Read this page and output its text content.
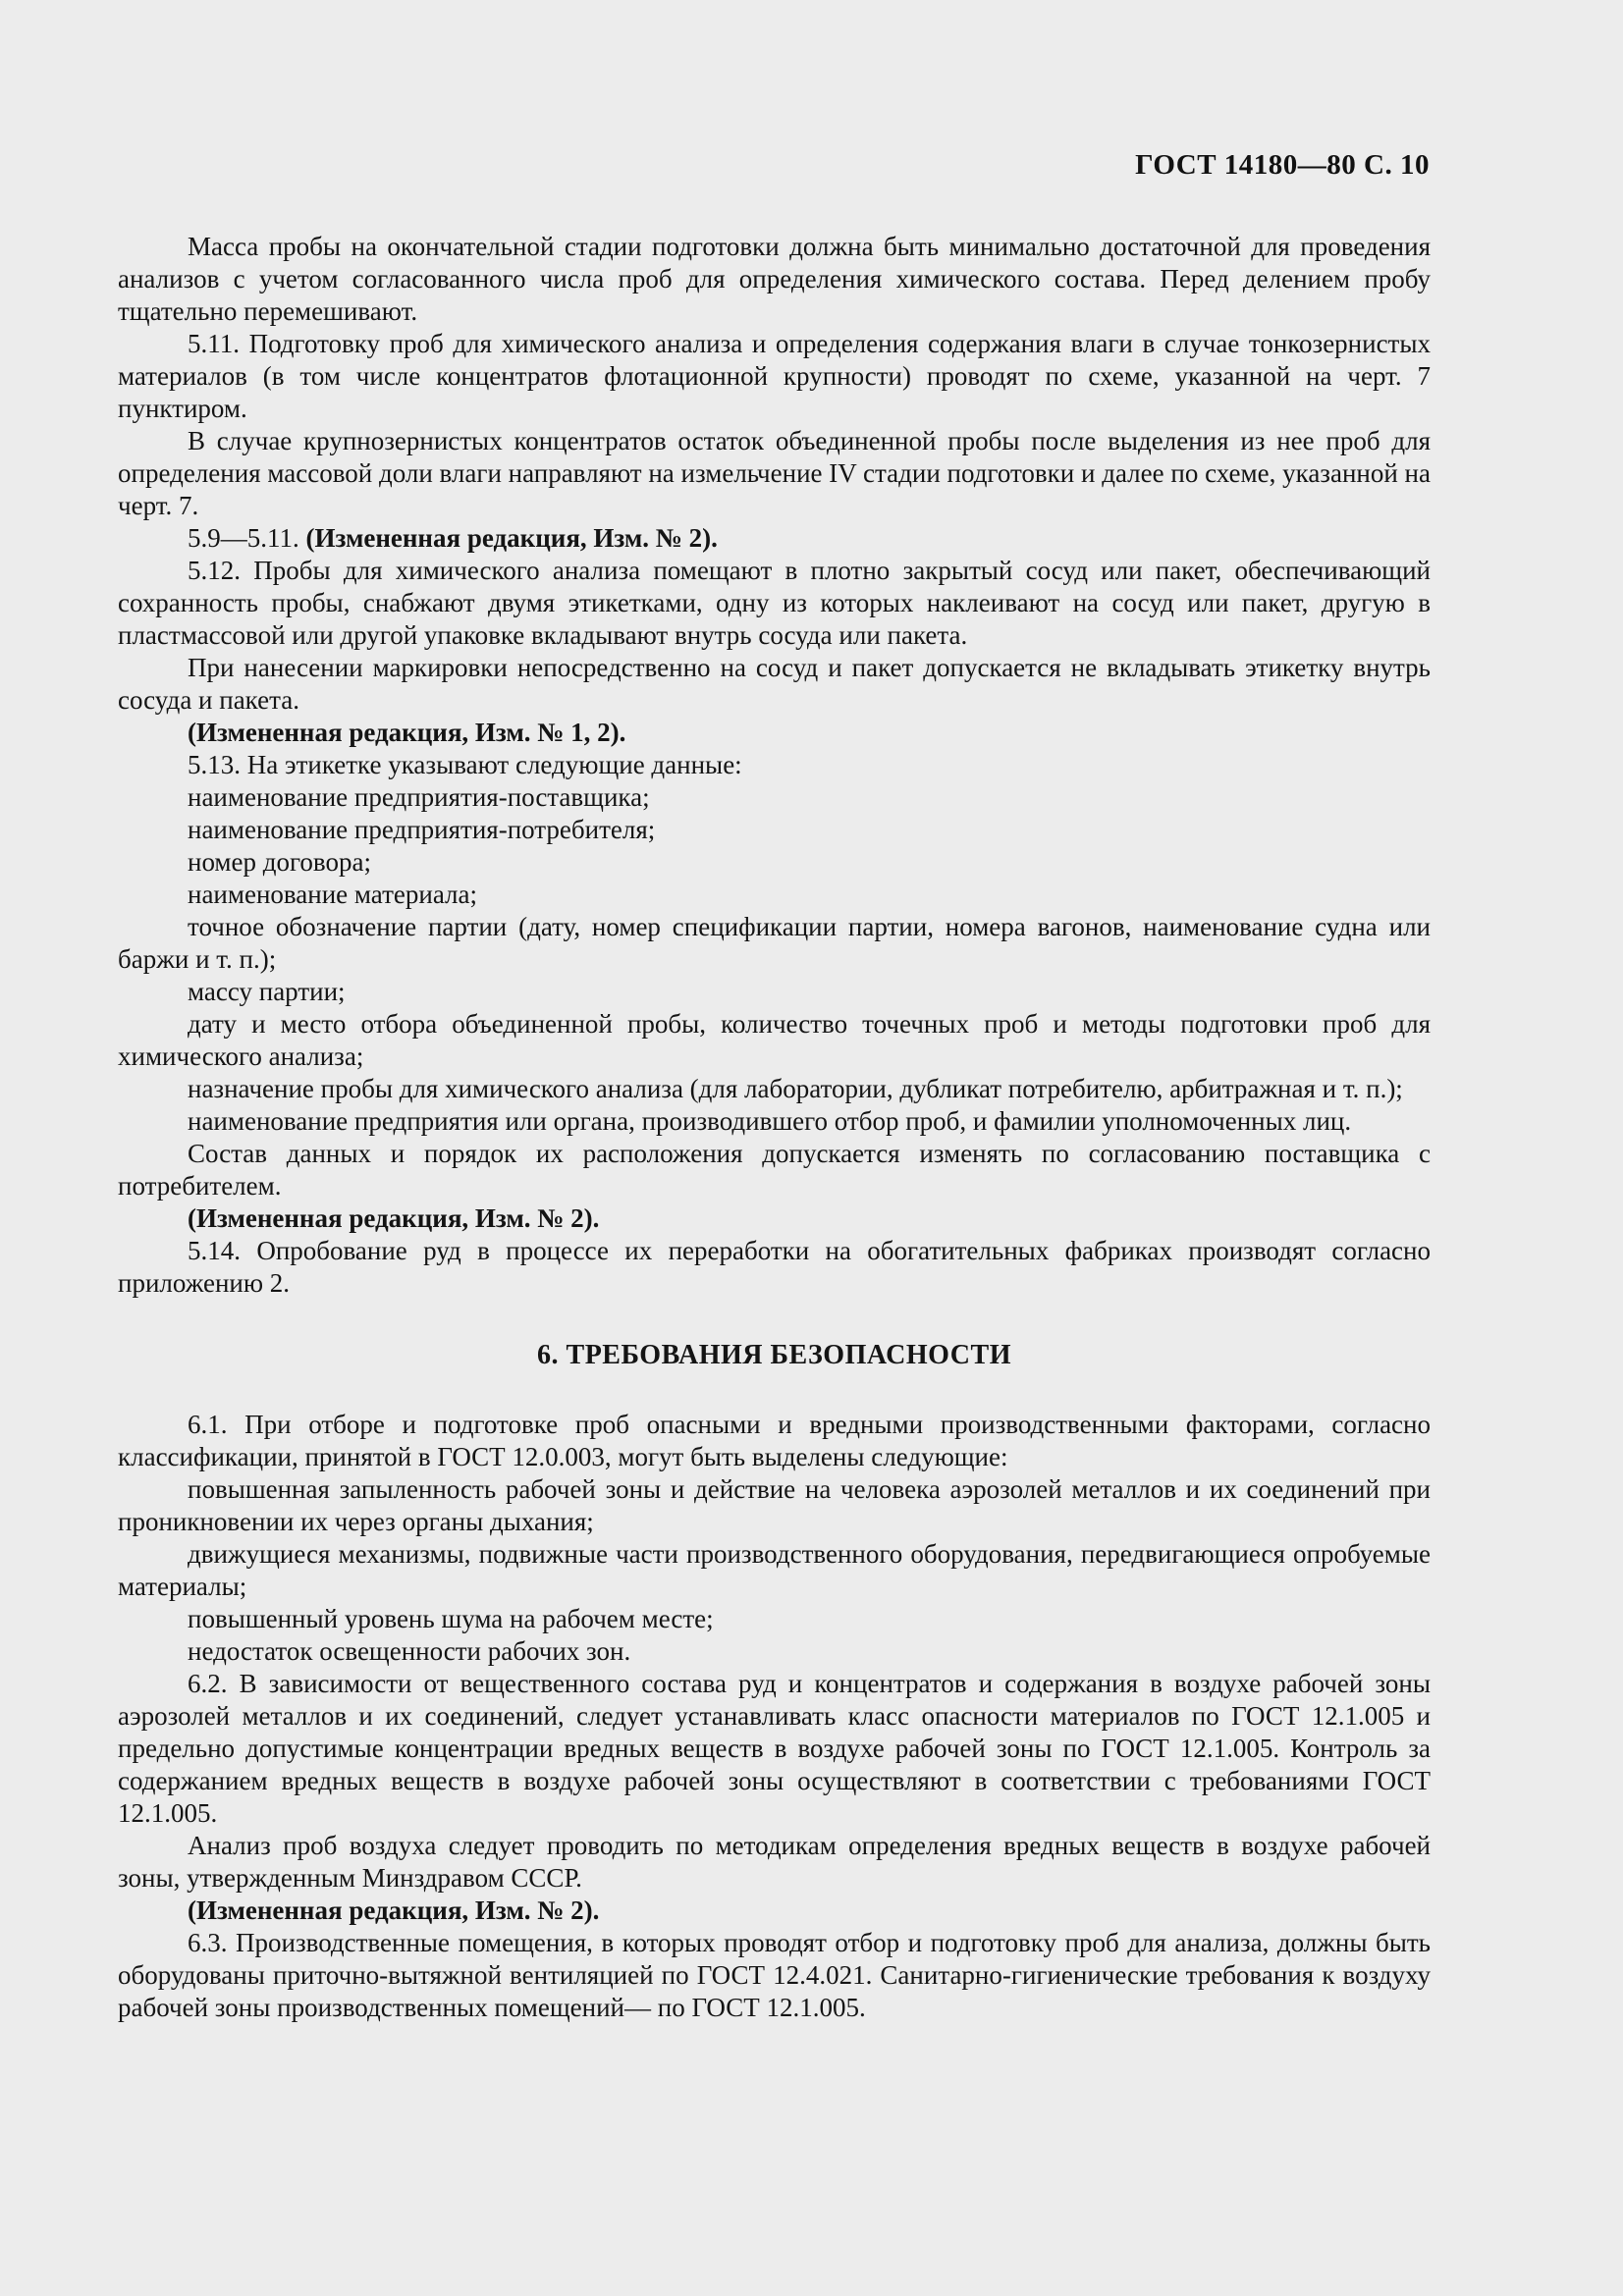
ГОСТ 14180—80 С. 10

Масса пробы на окончательной стадии подготовки должна быть минимально достаточной для проведения анализов с учетом согласованного числа проб для определения химического состава. Перед делением пробу тщательно перемешивают.

5.11. Подготовку проб для химического анализа и определения содержания влаги в случае тонкозернистых материалов (в том числе концентратов флотационной крупности) проводят по схеме, указанной на черт. 7 пунктиром.

В случае крупнозернистых концентратов остаток объединенной пробы после выделения из нее проб для определения массовой доли влаги направляют на измельчение IV стадии подготовки и далее по схеме, указанной на черт. 7.

5.9—5.11. (Измененная редакция, Изм. № 2).

5.12. Пробы для химического анализа помещают в плотно закрытый сосуд или пакет, обеспечивающий сохранность пробы, снабжают двумя этикетками, одну из которых наклеивают на сосуд или пакет, другую в пластмассовой или другой упаковке вкладывают внутрь сосуда или пакета.

При нанесении маркировки непосредственно на сосуд и пакет допускается не вкладывать этикетку внутрь сосуда и пакета.

(Измененная редакция, Изм. № 1, 2).

5.13. На этикетке указывают следующие данные:

наименование предприятия-поставщика;

наименование предприятия-потребителя;

номер договора;

наименование материала;

точное обозначение партии (дату, номер спецификации партии, номера вагонов, наименование судна или баржи и т. п.);

массу партии;

дату и место отбора объединенной пробы, количество точечных проб и методы подготовки проб для химического анализа;

назначение пробы для химического анализа (для лаборатории, дубликат потребителю, арбитражная и т. п.);

наименование предприятия или органа, производившего отбор проб, и фамилии уполномоченных лиц.

Состав данных и порядок их расположения допускается изменять по согласованию поставщика с потребителем.

(Измененная редакция, Изм. № 2).

5.14. Опробование руд в процессе их переработки на обогатительных фабриках производят согласно приложению 2.

6. ТРЕБОВАНИЯ БЕЗОПАСНОСТИ

6.1. При отборе и подготовке проб опасными и вредными производственными факторами, согласно классификации, принятой в ГОСТ 12.0.003, могут быть выделены следующие:

повышенная запыленность рабочей зоны и действие на человека аэрозолей металлов и их соединений при проникновении их через органы дыхания;

движущиеся механизмы, подвижные части производственного оборудования, передвигающиеся опробуемые материалы;

повышенный уровень шума на рабочем месте;

недостаток освещенности рабочих зон.

6.2. В зависимости от вещественного состава руд и концентратов и содержания в воздухе рабочей зоны аэрозолей металлов и их соединений, следует устанавливать класс опасности материалов по ГОСТ 12.1.005 и предельно допустимые концентрации вредных веществ в воздухе рабочей зоны по ГОСТ 12.1.005. Контроль за содержанием вредных веществ в воздухе рабочей зоны осуществляют в соответствии с требованиями ГОСТ 12.1.005.

Анализ проб воздуха следует проводить по методикам определения вредных веществ в воздухе рабочей зоны, утвержденным Минздравом СССР.

(Измененная редакция, Изм. № 2).

6.3. Производственные помещения, в которых проводят отбор и подготовку проб для анализа, должны быть оборудованы приточно-вытяжной вентиляцией по ГОСТ 12.4.021. Санитарно-гигиенические требования к воздуху рабочей зоны производственных помещений— по ГОСТ 12.1.005.
